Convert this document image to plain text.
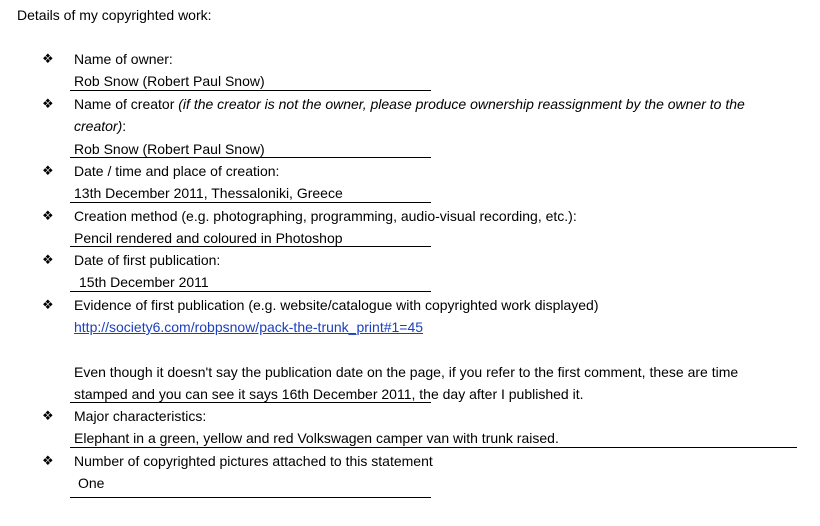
Details of my copyrighted work:
❖ Name of owner:
Rob Snow (Robert Paul Snow)
❖ Name of creator (if the creator is not the owner, please produce ownership reassignment by the owner to the
creator):
Rob Snow (Robert Paul Snow)
❖ Date / time and place of creation:
13th December 2011, Thessaloniki, Greece
❖ Creation method (e.g. photographing, programming, audio-visual recording, etc.):
Pencil rendered and coloured in Photoshop
❖ Date of first publication:
15th December 2011
❖ Evidence of first publication (e.g. website/catalogue with copyrighted work displayed)
http://society6.com/robpsnow/pack-the-trunk_print#1=45
Even though it doesn't say the publication date on the page, if you refer to the first comment, these are time
stamped and you can see it says 16th December 2011, the day after I published it.
❖ Major characteristics:
Elephant in a green, yellow and red Volkswagen camper van with trunk raised.
❖ Number of copyrighted pictures attached to this statement
One
